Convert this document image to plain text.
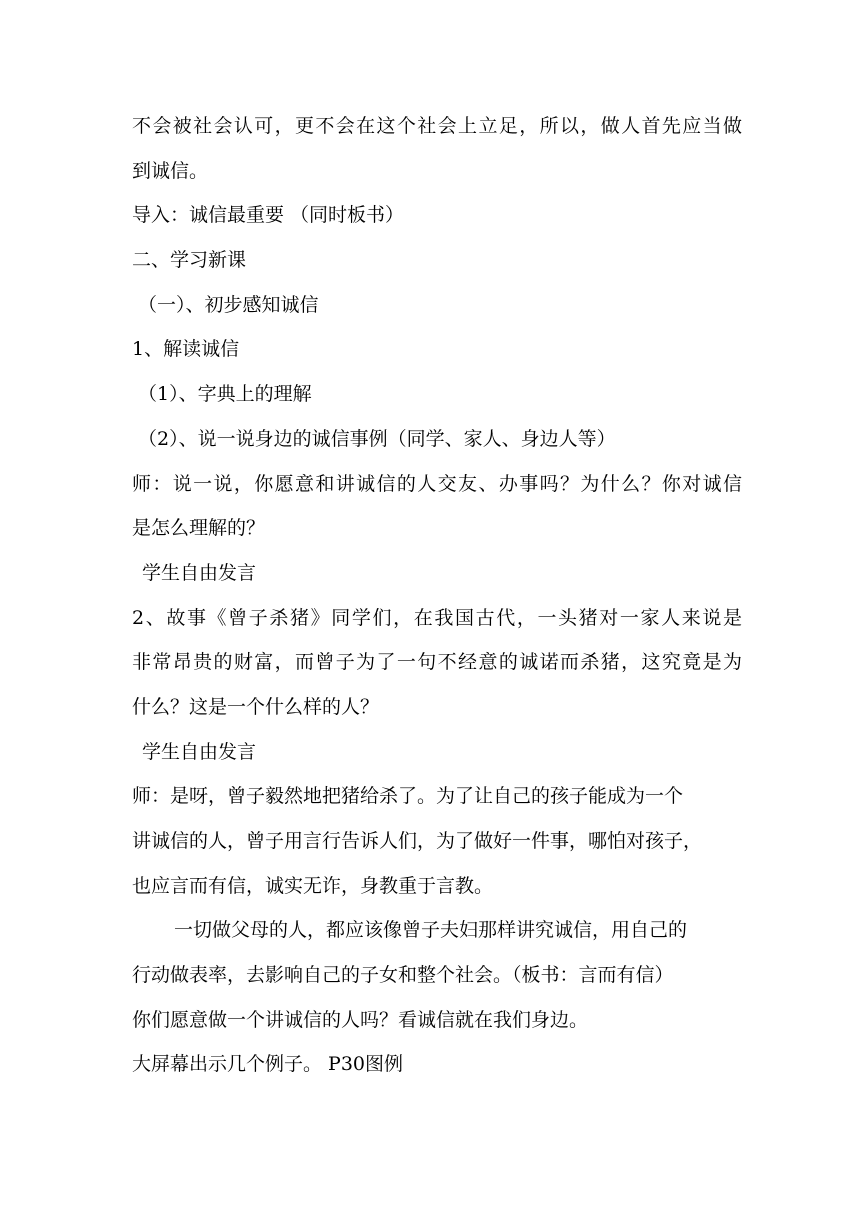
不会被社会认可，更不会在这个社会上立足，所以，做人首先应当做
到诚信。
导入：诚信最重要 （同时板书）
二、学习新课
（一）、初步感知诚信
1、解读诚信
（1）、字典上的理解
（2）、说一说身边的诚信事例（同学、家人、身边人等）
师：说一说，你愿意和讲诚信的人交友、办事吗？为什么？你对诚信
是怎么理解的？
学生自由发言
2、故事《曾子杀猪》同学们，在我国古代，一头猪对一家人来说是
非常昂贵的财富，而曾子为了一句不经意的诚诺而杀猪，这究竟是为
什么？这是一个什么样的人？
学生自由发言
师：是呀，曾子毅然地把猪给杀了。为了让自己的孩子能成为一个
讲诚信的人，曾子用言行告诉人们，为了做好一件事，哪怕对孩子，
也应言而有信，诚实无诈，身教重于言教。
一切做父母的人，都应该像曾子夫妇那样讲究诚信，用自己的
行动做表率，去影响自己的子女和整个社会。（板书：言而有信）
你们愿意做一个讲诚信的人吗？看诚信就在我们身边。
大屏幕出示几个例子。 P30图例
